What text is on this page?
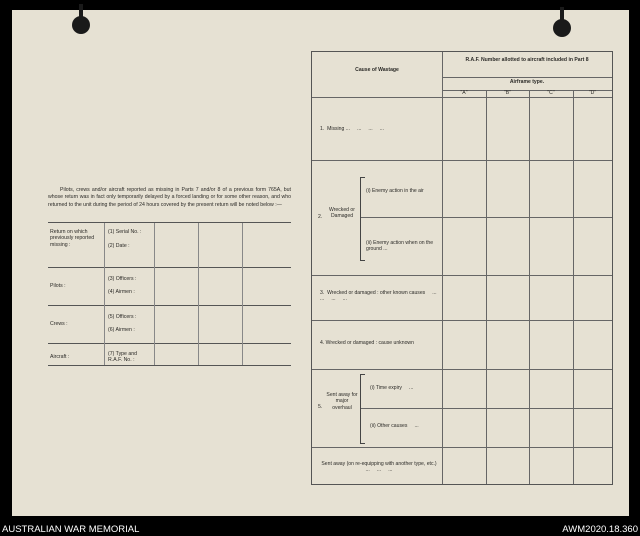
Pilots, crews and/or aircraft reported as missing in Parts 7 and/or 8 of a previous form 765A, but whose return was in fact only temporarily delayed by a forced landing or for some other reason, and who returned to the unit during the period of 24 hours covered by the present return will be noted below :—

Return on which previously reported missing :
(1) Serial No. :
(2) Date :
Pilots :
(3) Officers :
(4) Airmen :
Crews :
(5) Officers :
(6) Airmen :
Aircraft :	(7) Type and R.A.F. No. :
Cause of Wastage
R.A.F. Number allotted to aircraft included in Part 8
Airframe type.
"A"	"B"	"C"	"D"
1.  Missing ...     ...     ...     ...
2.
Wrecked or Damaged
(i) Enemy action in the air
(ii) Enemy action when on the ground ...
3.  Wrecked or damaged : other known causes     ...     ...     ...     ...
4. Wrecked or damaged : cause unknown
5.
Sent away for major overhaul
(i) Time expiry     ...
(ii) Other causes     ...
Sent away (on re-equipping with another type, etc.)     ...     ...     ...
AUSTRALIAN WAR MEMORIAL	AWM2020.18.360
